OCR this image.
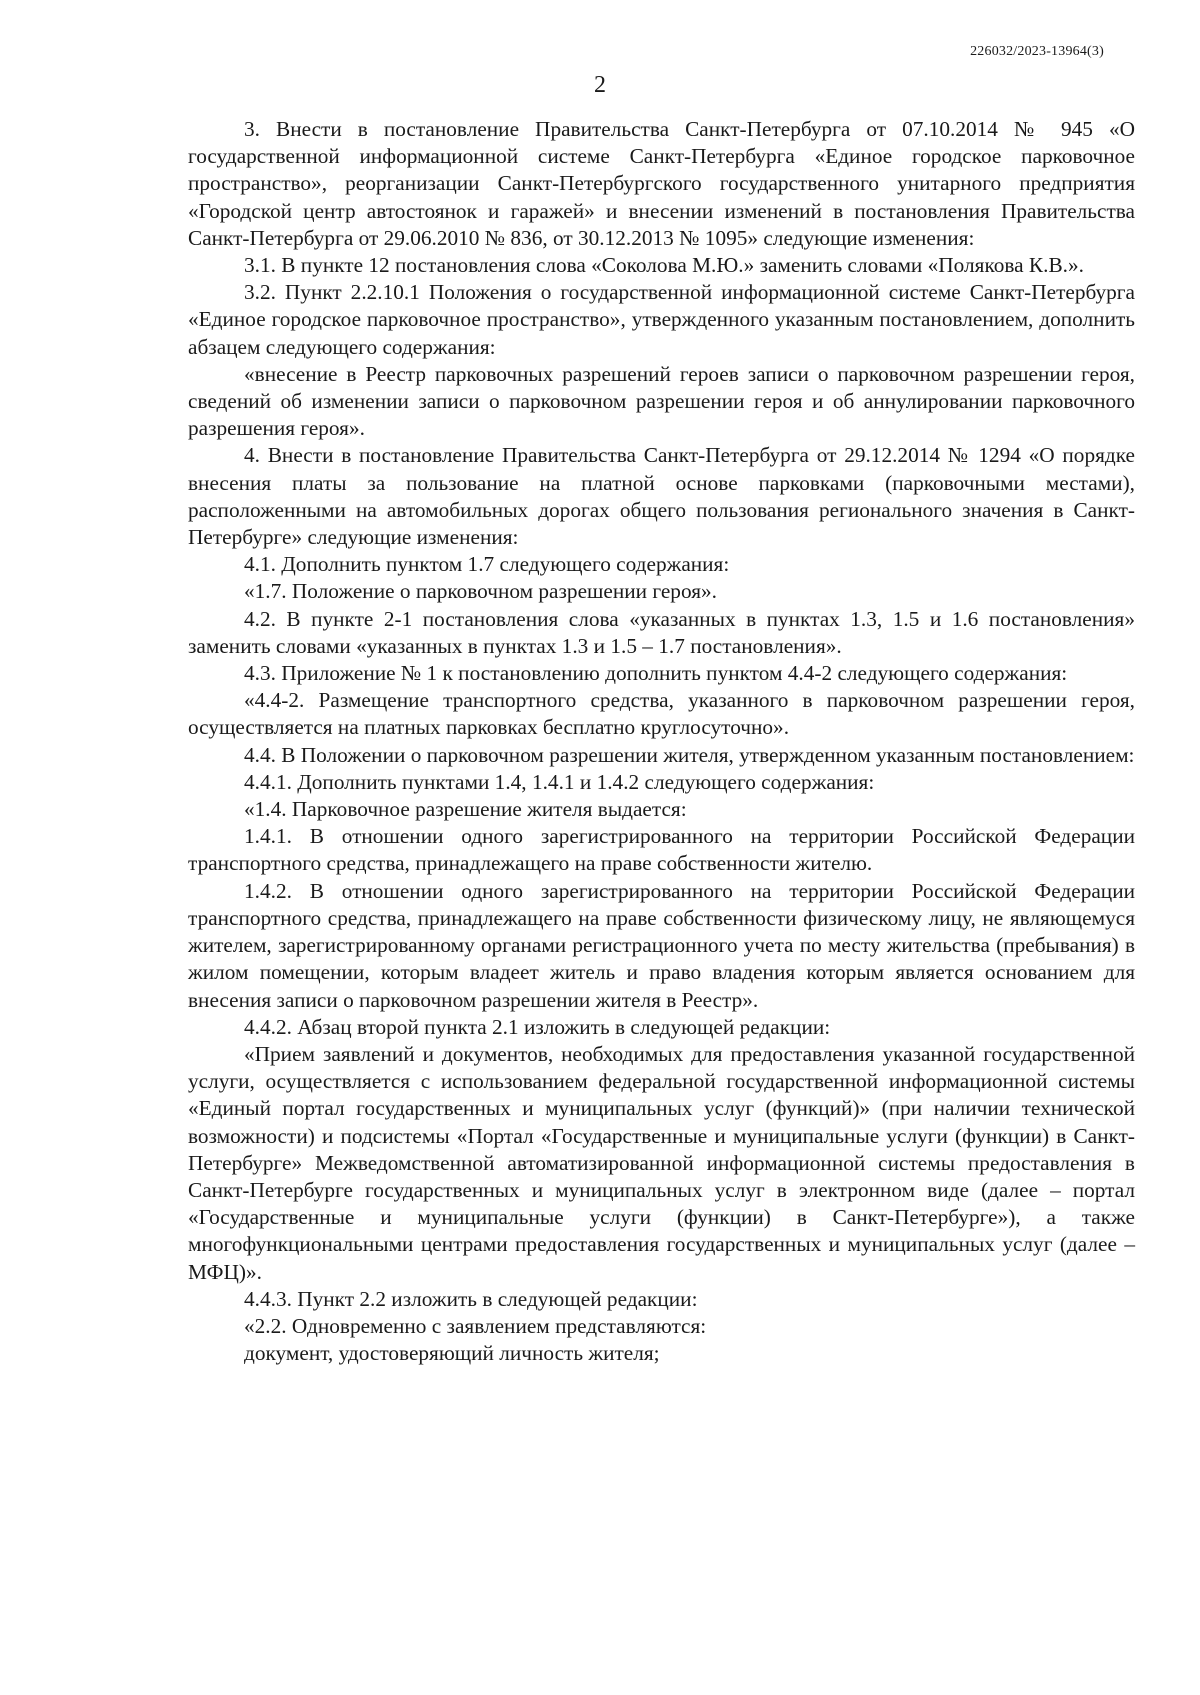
226032/2023-13964(3)
2

3. Внести в постановление Правительства Санкт-Петербурга от 07.10.2014 № 945 «О государственной информационной системе Санкт-Петербурга «Единое городское парковочное пространство», реорганизации Санкт-Петербургского государственного унитарного предприятия «Городской центр автостоянок и гаражей» и внесении изменений в постановления Правительства Санкт-Петербурга от 29.06.2010 № 836, от 30.12.2013 № 1095» следующие изменения:

3.1. В пункте 12 постановления слова «Соколова М.Ю.» заменить словами «Полякова К.В.».

3.2. Пункт 2.2.10.1 Положения о государственной информационной системе Санкт-Петербурга «Единое городское парковочное пространство», утвержденного указанным постановлением, дополнить абзацем следующего содержания:

«внесение в Реестр парковочных разрешений героев записи о парковочном разрешении героя, сведений об изменении записи о парковочном разрешении героя и об аннулировании парковочного разрешения героя».

4. Внести в постановление Правительства Санкт-Петербурга от 29.12.2014 № 1294 «О порядке внесения платы за пользование на платной основе парковками (парковочными местами), расположенными на автомобильных дорогах общего пользования регионального значения в Санкт-Петербурге» следующие изменения:

4.1. Дополнить пунктом 1.7 следующего содержания:

«1.7. Положение о парковочном разрешении героя».

4.2. В пункте 2-1 постановления слова «указанных в пунктах 1.3, 1.5 и 1.6 постановления» заменить словами «указанных в пунктах 1.3 и 1.5 – 1.7 постановления».

4.3. Приложение № 1 к постановлению дополнить пунктом 4.4-2 следующего содержания:

«4.4-2. Размещение транспортного средства, указанного в парковочном разрешении героя, осуществляется на платных парковках бесплатно круглосуточно».

4.4. В Положении о парковочном разрешении жителя, утвержденном указанным постановлением:

4.4.1. Дополнить пунктами 1.4, 1.4.1 и 1.4.2 следующего содержания:

«1.4. Парковочное разрешение жителя выдается:

1.4.1. В отношении одного зарегистрированного на территории Российской Федерации транспортного средства, принадлежащего на праве собственности жителю.

1.4.2. В отношении одного зарегистрированного на территории Российской Федерации транспортного средства, принадлежащего на праве собственности физическому лицу, не являющемуся жителем, зарегистрированному органами регистрационного учета по месту жительства (пребывания) в жилом помещении, которым владеет житель и право владения которым является основанием для внесения записи о парковочном разрешении жителя в Реестр».

4.4.2. Абзац второй пункта 2.1 изложить в следующей редакции:

«Прием заявлений и документов, необходимых для предоставления указанной государственной услуги, осуществляется с использованием федеральной государственной информационной системы «Единый портал государственных и муниципальных услуг (функций)» (при наличии технической возможности) и подсистемы «Портал «Государственные и муниципальные услуги (функции) в Санкт-Петербурге» Межведомственной автоматизированной информационной системы предоставления в Санкт-Петербурге государственных и муниципальных услуг в электронном виде (далее – портал «Государственные и муниципальные услуги (функции) в Санкт-Петербурге»), а также многофункциональными центрами предоставления государственных и муниципальных услуг (далее – МФЦ)».

4.4.3. Пункт 2.2 изложить в следующей редакции:

«2.2. Одновременно с заявлением представляются:

документ, удостоверяющий личность жителя;
